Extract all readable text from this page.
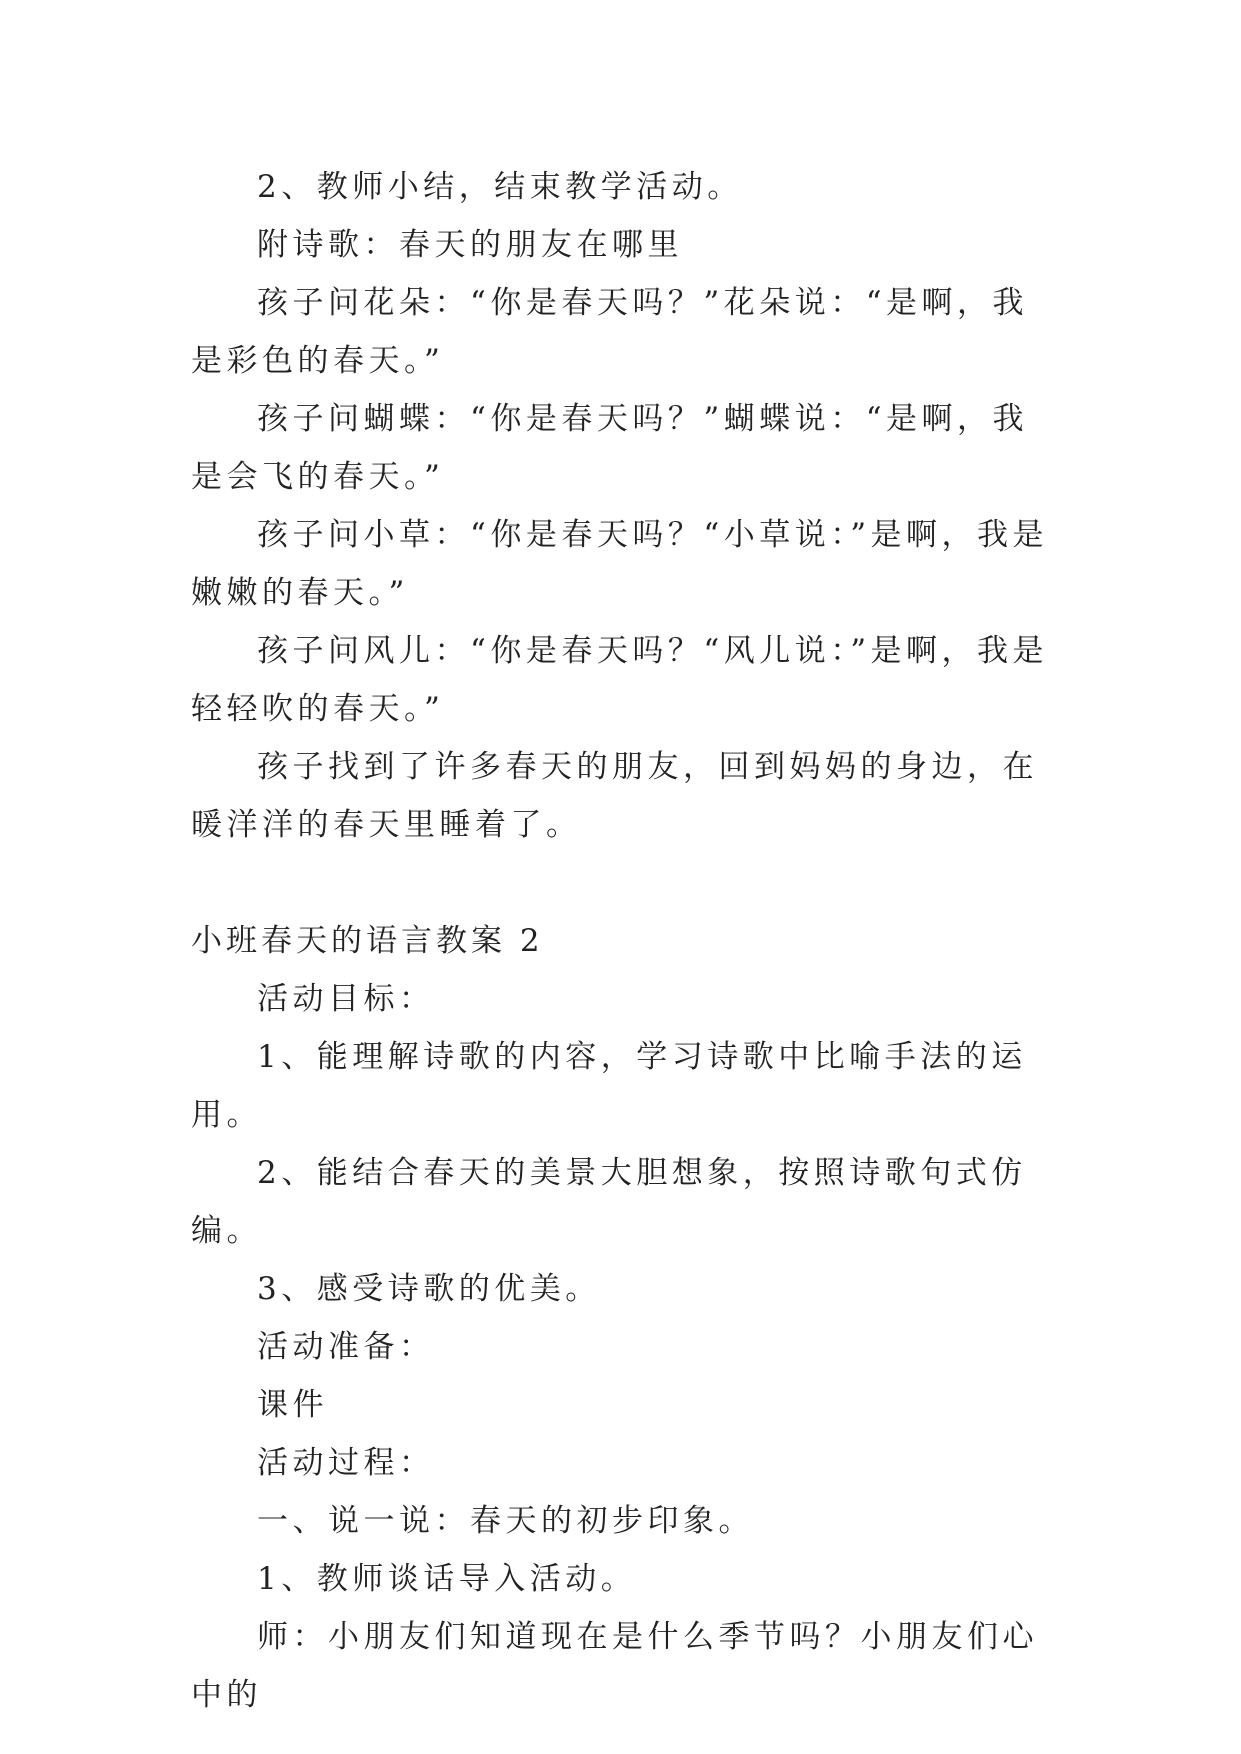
2、教师小结，结束教学活动。

附诗歌：春天的朋友在哪里

孩子问花朵：“你是春天吗？”花朵说：“是啊，我是彩色的春天。”

孩子问蝴蝶：“你是春天吗？”蝴蝶说：“是啊，我是会飞的春天。”

孩子问小草：“你是春天吗？“小草说：”是啊，我是嫩嫩的春天。”

孩子问风儿：“你是春天吗？“风儿说：”是啊，我是轻轻吹的春天。”

孩子找到了许多春天的朋友，回到妈妈的身边，在暖洋洋的春天里睡着了。

小班春天的语言教案 2

活动目标：

1、能理解诗歌的内容，学习诗歌中比喻手法的运用。

2、能结合春天的美景大胆想象，按照诗歌句式仿编。

3、感受诗歌的优美。

活动准备：

课件

活动过程：

一、说一说：春天的初步印象。

1、教师谈话导入活动。

师：小朋友们知道现在是什么季节吗？小朋友们心中的
